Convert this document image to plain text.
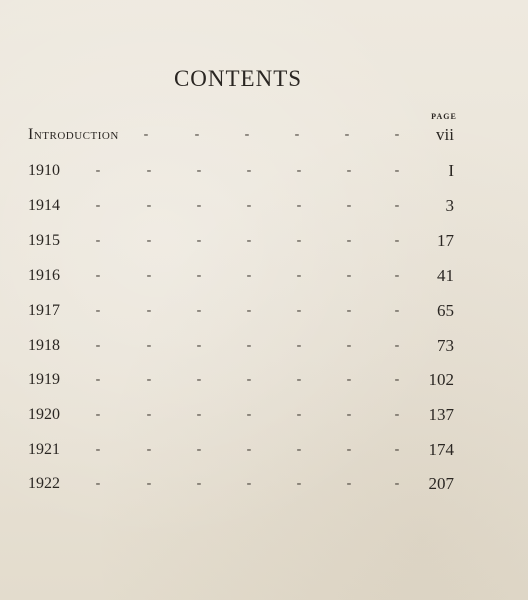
CONTENTS
PAGE
Introduction -	-	-	-	-	- vii
1910	-	-	-	-	-	-	-	I
1914	-	-	-	-	-	-	-	3
1915	-	-	-	-	-	-	- 17
1916	-	-	-	-	-	-	- 41
1917	-	-	-	-	-	-	- 65
1918	-	-	-	-	-	-	- 73
1919	-	-	-	-	-	-	- 102
1920	-	-	-	-	-	-	- 137
1921	-	-	-	-	-	-	- 174
1922	-	-	-	-	-	-	- 207
